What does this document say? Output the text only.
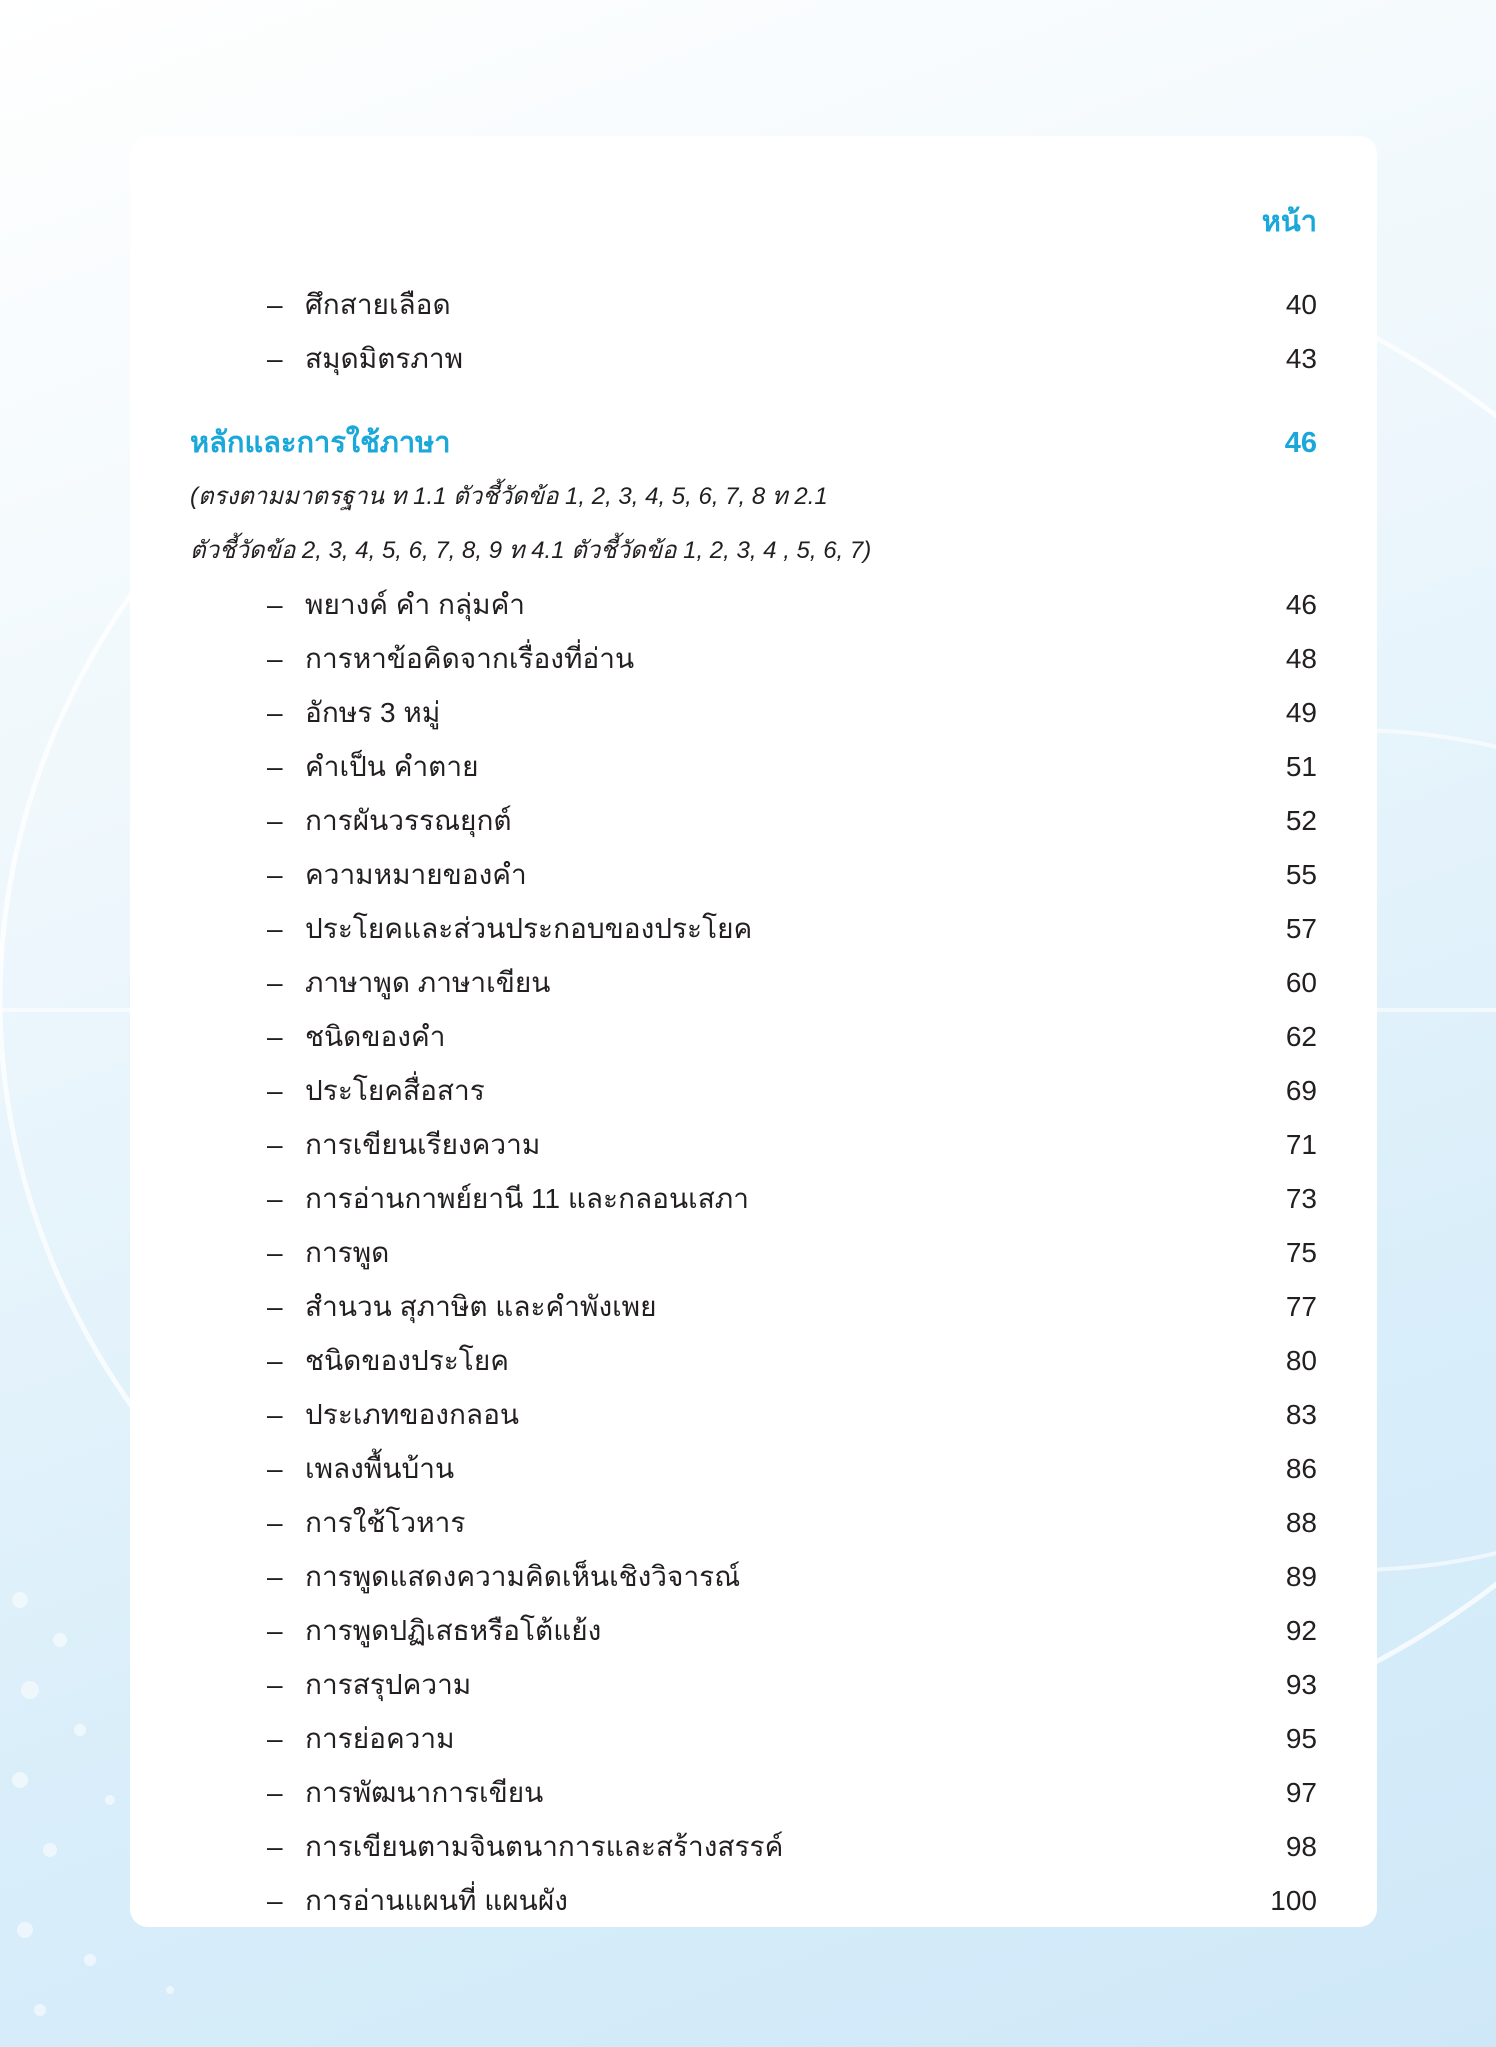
หน้า
– ศึกสายเลือด	40
– สมุดมิตรภาพ	43
หลักและการใช้ภาษา	46
(ตรงตามมาตรฐาน ท 1.1 ตัวชี้วัดข้อ 1, 2, 3, 4, 5, 6, 7, 8 ท 2.1
ตัวชี้วัดข้อ 2, 3, 4, 5, 6, 7, 8, 9 ท 4.1 ตัวชี้วัดข้อ 1, 2, 3, 4 , 5, 6, 7)
– พยางค์ คำ กลุ่มคำ	46
– การหาข้อคิดจากเรื่องที่อ่าน	48
– อักษร 3 หมู่	49
– คำเป็น คำตาย	51
– การผันวรรณยุกต์	52
– ความหมายของคำ	55
– ประโยคและส่วนประกอบของประโยค	57
– ภาษาพูด ภาษาเขียน	60
– ชนิดของคำ	62
– ประโยคสื่อสาร	69
– การเขียนเรียงความ	71
– การอ่านกาพย์ยานี 11 และกลอนเสภา	73
– การพูด	75
– สำนวน สุภาษิต และคำพังเพย	77
– ชนิดของประโยค	80
– ประเภทของกลอน	83
– เพลงพื้นบ้าน	86
– การใช้โวหาร	88
– การพูดแสดงความคิดเห็นเชิงวิจารณ์	89
– การพูดปฏิเสธหรือโต้แย้ง	92
– การสรุปความ	93
– การย่อความ	95
– การพัฒนาการเขียน	97
– การเขียนตามจินตนาการและสร้างสรรค์	98
– การอ่านแผนที่ แผนผัง	100
